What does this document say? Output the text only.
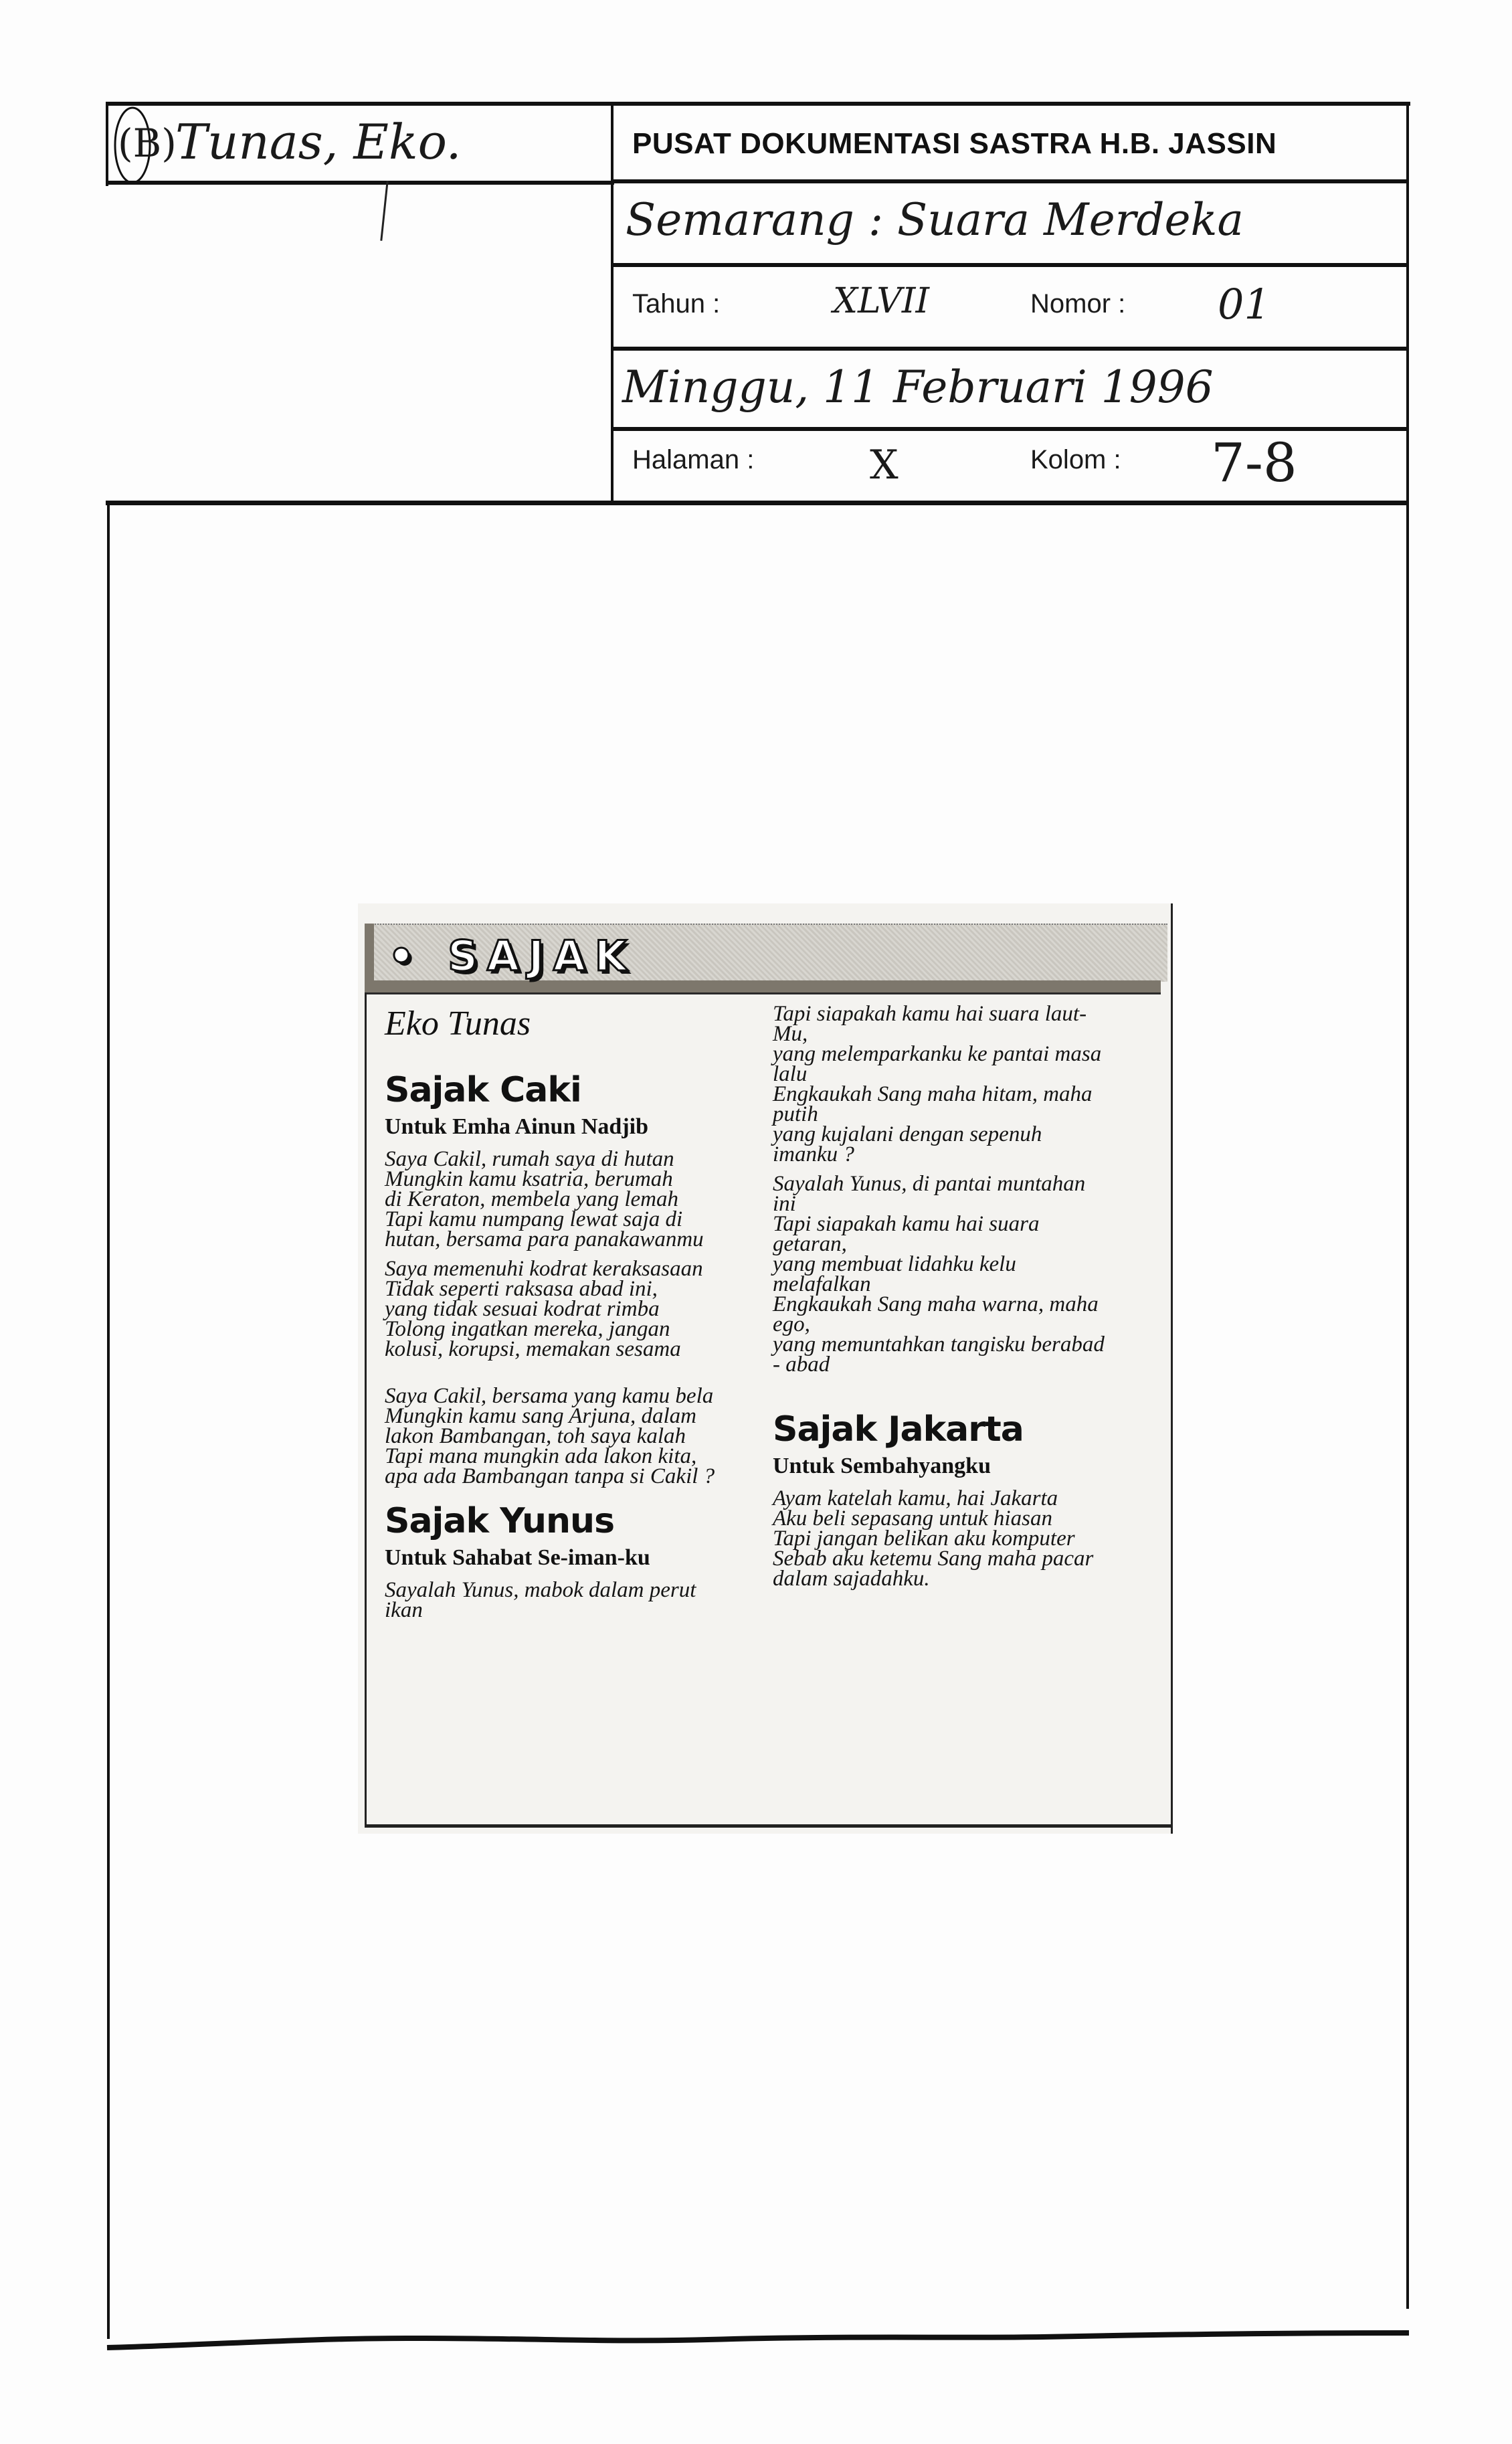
(B)
Tunas, Eko.	PUSAT DOKUMENTASI SASTRA H.B. JASSIN
Semarang : Suara Merdeka
Tahun :	XLVII	Nomor : 01
Minggu, 11 Februari 1996
Halaman :	X	Kolom : 7-8
• SAJAK
Eko Tunas
Sajak Caki
Untuk Emha Ainun Nadjib
Saya Cakil, rumah saya di hutan
Mungkin kamu ksatria, berumah
di Keraton, membela yang lemah
Tapi kamu numpang lewat saja di
hutan, bersama para panakawanmu
Saya memenuhi kodrat keraksasaan
Tidak seperti raksasa abad ini,
yang tidak sesuai kodrat rimba
Tolong ingatkan mereka, jangan
kolusi, korupsi, memakan sesama
Saya Cakil, bersama yang kamu bela
Mungkin kamu sang Arjuna, dalam
lakon Bambangan, toh saya kalah
Tapi mana mungkin ada lakon kita,
apa ada Bambangan tanpa si Cakil ?
Sajak Yunus
Untuk Sahabat Se-iman-ku
Sayalah Yunus, mabok dalam perut
ikan
Tapi siapakah kamu hai suara laut-
Mu,
yang melemparkanku ke pantai masa
lalu
Engkaukah Sang maha hitam, maha
putih
yang kujalani dengan sepenuh
imanku ?
Sayalah Yunus, di pantai muntahan
ini
Tapi siapakah kamu hai suara
getaran,
yang membuat lidahku kelu
melafalkan
Engkaukah Sang maha warna, maha
ego,
yang memuntahkan tangisku berabad
- abad
Sajak Jakarta
Untuk Sembahyangku
Ayam katelah kamu, hai Jakarta
Aku beli sepasang untuk hiasan
Tapi jangan belikan aku komputer
Sebab aku ketemu Sang maha pacar
dalam sajadahku.
